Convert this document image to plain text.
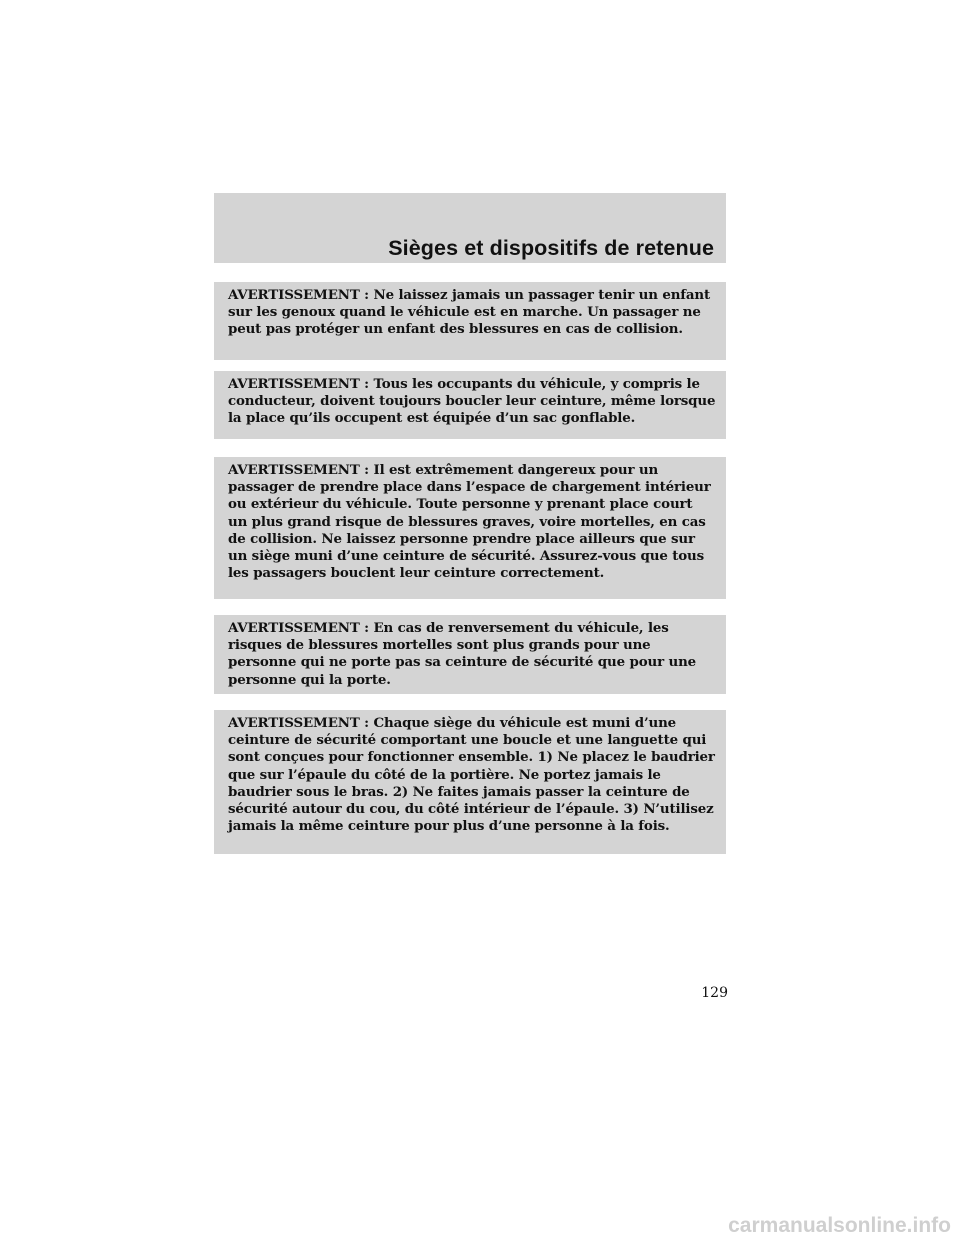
Sièges et dispositifs de retenue

AVERTISSEMENT : Ne laissez jamais un passager tenir un enfant sur les genoux quand le véhicule est en marche. Un passager ne peut pas protéger un enfant des blessures en cas de collision.

AVERTISSEMENT : Tous les occupants du véhicule, y compris le conducteur, doivent toujours boucler leur ceinture, même lorsque la place qu’ils occupent est équipée d’un sac gonflable.

AVERTISSEMENT : Il est extrêmement dangereux pour un passager de prendre place dans l’espace de chargement intérieur ou extérieur du véhicule. Toute personne y prenant place court un plus grand risque de blessures graves, voire mortelles, en cas de collision. Ne laissez personne prendre place ailleurs que sur un siège muni d’une ceinture de sécurité. Assurez-vous que tous les passagers bouclent leur ceinture correctement.

AVERTISSEMENT : En cas de renversement du véhicule, les risques de blessures mortelles sont plus grands pour une personne qui ne porte pas sa ceinture de sécurité que pour une personne qui la porte.

AVERTISSEMENT : Chaque siège du véhicule est muni d’une ceinture de sécurité comportant une boucle et une languette qui sont conçues pour fonctionner ensemble. 1) Ne placez le baudrier que sur l’épaule du côté de la portière. Ne portez jamais le baudrier sous le bras. 2) Ne faites jamais passer la ceinture de sécurité autour du cou, du côté intérieur de l’épaule. 3) N’utilisez jamais la même ceinture pour plus d’une personne à la fois.

129

carmanualsonline.info
